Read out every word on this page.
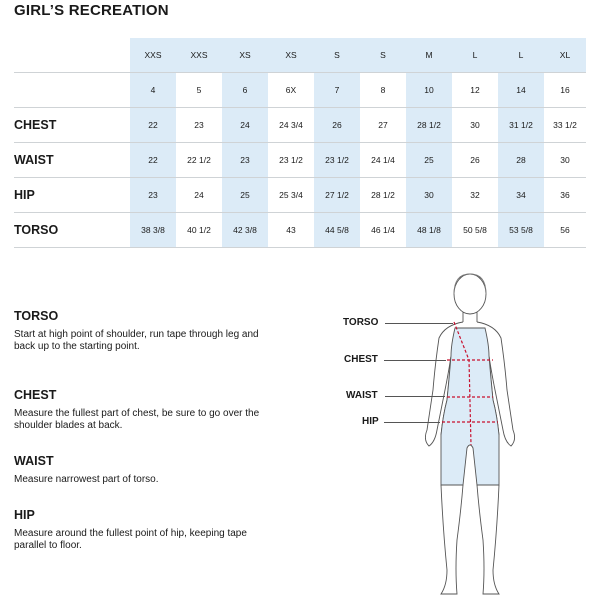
GIRL’S RECREATION
	XXS	XXS	XS	XS	S	S	M	L	L	XL
	4	5	6	6X	7	8	10	12	14	16
CHEST	22	23	24	24 3/4	26	27	28 1/2	30	31 1/2	33 1/2
WAIST	22	22 1/2	23	23 1/2	23 1/2	24 1/4	25	26	28	30
HIP	23	24	25	25 3/4	27 1/2	28 1/2	30	32	34	36
TORSO	38 3/8	40 1/2	42 3/8	43	44 5/8	46 1/4	48 1/8	50 5/8	53 5/8	56
TORSO

Start at high point of shoulder, run tape through leg and back up to the starting point.

CHEST

Measure the fullest part of chest, be sure to go over the shoulder blades at back.

WAIST

Measure narrowest part of torso.

HIP

Measure around the fullest point of hip, keeping tape parallel to floor.

TORSO
CHEST
WAIST
HIP
